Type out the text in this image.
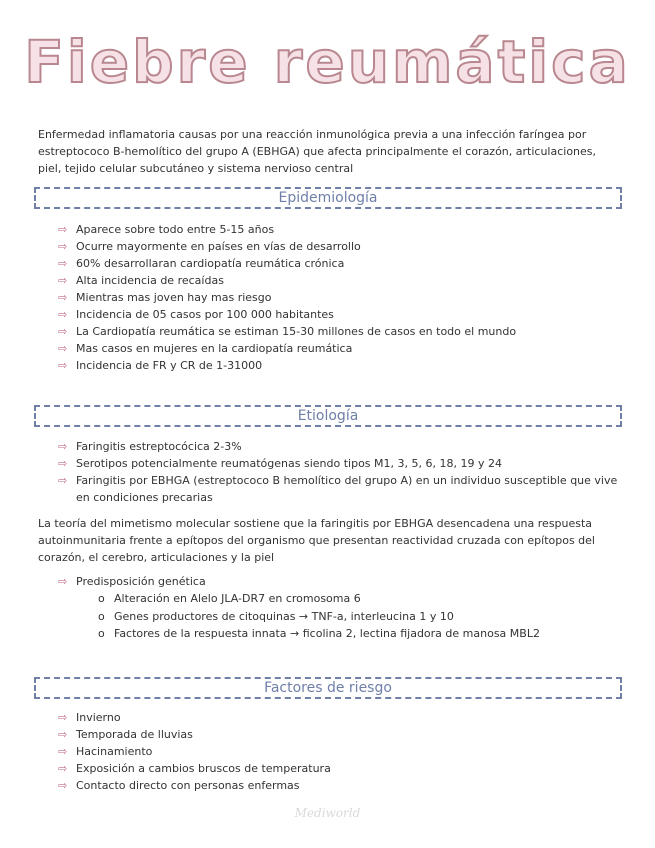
Fiebre reumática
Enfermedad inflamatoria causas por una reacción inmunológica previa a una infección faríngea por estreptococo B-hemolítico del grupo A (EBHGA) que afecta principalmente el corazón, articulaciones, piel, tejido celular subcutáneo y sistema nervioso central
Epidemiología
⇨ Aparece sobre todo entre 5-15 años
⇨ Ocurre mayormente en países en vías de desarrollo
⇨ 60% desarrollaran cardiopatía reumática crónica
⇨ Alta incidencia de recaídas
⇨ Mientras mas joven hay mas riesgo
⇨ Incidencia de 05 casos por 100 000 habitantes
⇨ La Cardiopatía reumática se estiman 15-30 millones de casos en todo el mundo
⇨ Mas casos en mujeres en la cardiopatía reumática
⇨ Incidencia de FR y CR de 1-31000
Etiología
⇨ Faringitis estreptocócica 2-3%
⇨ Serotipos potencialmente reumatógenas siendo tipos M1, 3, 5, 6, 18, 19 y 24
⇨ Faringitis por EBHGA (estreptococo B hemolítico del grupo A) en un individuo susceptible que vive en condiciones precarias
La teoría del mimetismo molecular sostiene que la faringitis por EBHGA desencadena una respuesta autoinmunitaria frente a epítopos del organismo que presentan reactividad cruzada con epítopos del corazón, el cerebro, articulaciones y la piel
⇨ Predisposición genética
o Alteración en Alelo JLA-DR7 en cromosoma 6
o Genes productores de citoquinas → TNF-a, interleucina 1 y 10
o Factores de la respuesta innata → ficolina 2, lectina fijadora de manosa MBL2
Factores de riesgo
⇨ Invierno
⇨ Temporada de lluvias
⇨ Hacinamiento
⇨ Exposición a cambios bruscos de temperatura
⇨ Contacto directo con personas enfermas
Mediworld
